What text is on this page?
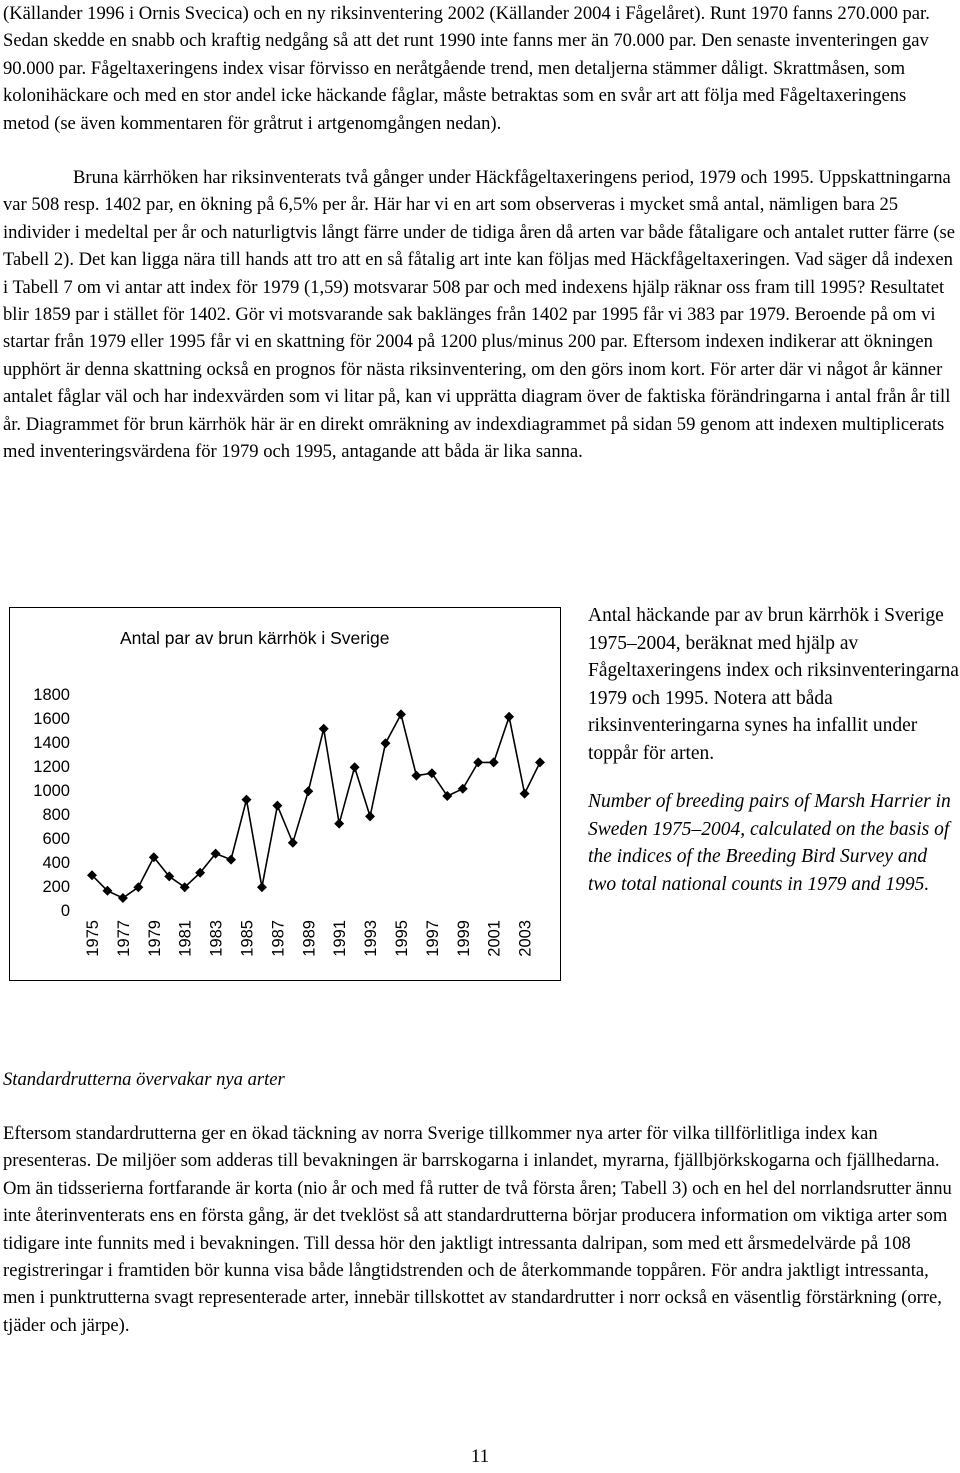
(Källander 1996 i Ornis Svecica) och en ny riksinventering 2002 (Källander 2004 i Fågelåret). Runt 1970 fanns 270.000 par. Sedan skedde en snabb och kraftig nedgång så att det runt 1990 inte fanns mer än 70.000 par. Den senaste inventeringen gav 90.000 par. Fågeltaxeringens index visar förvisso en neråtgående trend, men detaljerna stämmer dåligt. Skrattmåsen, som kolonihäckare och med en stor andel icke häckande fåglar, måste betraktas som en svår art att följa med Fågeltaxeringens metod (se även kommentaren för gråtrut i artgenomgången nedan).

Bruna kärrhöken har riksinventerats två gånger under Häckfågeltaxeringens period, 1979 och 1995. Uppskattningarna var 508 resp. 1402 par, en ökning på 6,5% per år. Här har vi en art som observeras i mycket små antal, nämligen bara 25 individer i medeltal per år och naturligtvis långt färre under de tidiga åren då arten var både fåtaligare och antalet rutter färre (se Tabell 2). Det kan ligga nära till hands att tro att en så fåtalig art inte kan följas med Häckfågeltaxeringen. Vad säger då indexen i Tabell 7 om vi antar att index för 1979 (1,59) motsvarar 508 par och med indexens hjälp räknar oss fram till 1995? Resultatet blir 1859 par i stället för 1402. Gör vi motsvarande sak baklänges från 1402 par 1995 får vi 383 par 1979. Beroende på om vi startar från 1979 eller 1995 får vi en skattning för 2004 på 1200 plus/minus 200 par. Eftersom indexen indikerar att ökningen upphört är denna skattning också en prognos för nästa riksinventering, om den görs inom kort. För arter där vi något år känner antalet fåglar väl och har indexvärden som vi litar på, kan vi upprätta diagram över de faktiska förändringarna i antal från år till år. Diagrammet för brun kärrhök här är en direkt omräkning av indexdiagrammet på sidan 59 genom att indexen multiplicerats med inventeringsvärdena för 1979 och 1995, antagande att båda är lika sanna.

1800
1600
1400
1200
1000
800
600
400
200
0
1975 1977 1979 1981 1983 1985 1987 1989 1991 1993 1995 1997 1999 2001 2003
Antal par av brun kärrhök i Sverige

Antal häckande par av brun kärrhök i Sverige 1975–2004, beräknat med hjälp av Fågeltaxeringens index och riksinventeringarna 1979 och 1995. Notera att båda riksinventeringarna synes ha infallit under toppår för arten.

Number of breeding pairs of Marsh Harrier in Sweden 1975–2004, calculated on the basis of the indices of the Breeding Bird Survey and two total national counts in 1979 and 1995.

Standardrutterna övervakar nya arter

Eftersom standardrutterna ger en ökad täckning av norra Sverige tillkommer nya arter för vilka tillförlitliga index kan presenteras. De miljöer som adderas till bevakningen är barrskogarna i inlandet, myrarna, fjällbjörkskogarna och fjällhedarna. Om än tidsserierna fortfarande är korta (nio år och med få rutter de två första åren; Tabell 3) och en hel del norrlandsrutter ännu inte återinventerats ens en första gång, är det tveklöst så att standardrutterna börjar producera information om viktiga arter som tidigare inte funnits med i bevakningen. Till dessa hör den jaktligt intressanta dalripan, som med ett årsmedelvärde på 108 registreringar i framtiden bör kunna visa både långtidstrenden och de återkommande toppåren. För andra jaktligt intressanta, men i punktrutterna svagt representerade arter, innebär tillskottet av standardrutter i norr också en väsentlig förstärkning (orre, tjäder och järpe).

11
